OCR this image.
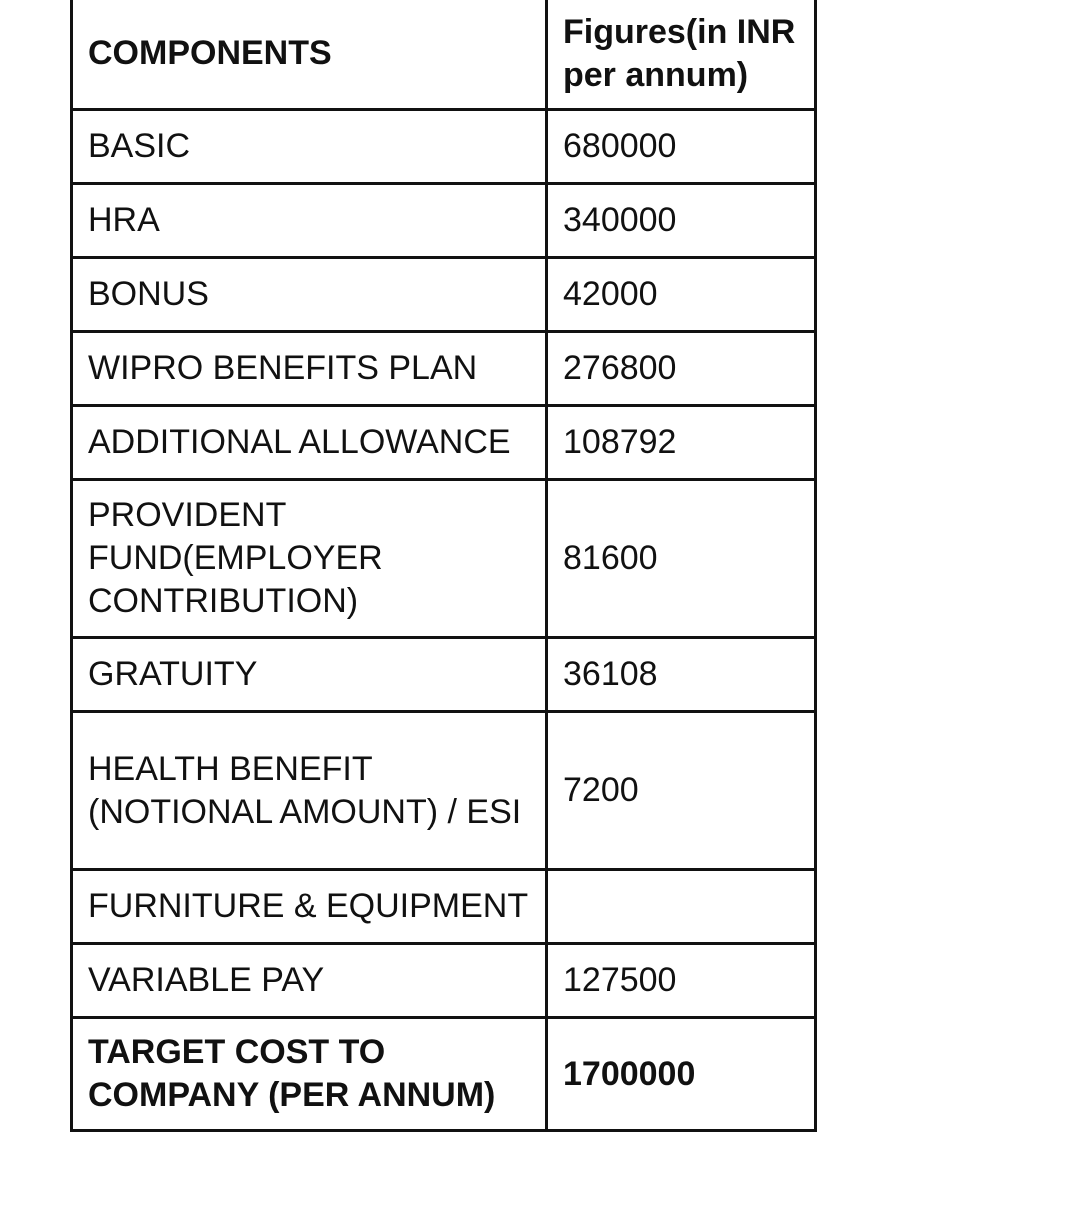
COMPONENTS	Figures(in INR per annum)
BASIC	680000
HRA	340000
BONUS	42000
WIPRO BENEFITS PLAN	276800
ADDITIONAL ALLOWANCE	108792
PROVIDENT FUND(EMPLOYER CONTRIBUTION)	81600
GRATUITY	36108
HEALTH BENEFIT (NOTIONAL AMOUNT) / ESI	7200
FURNITURE & EQUIPMENT	
VARIABLE PAY	127500
TARGET COST TO COMPANY (PER ANNUM)	1700000
